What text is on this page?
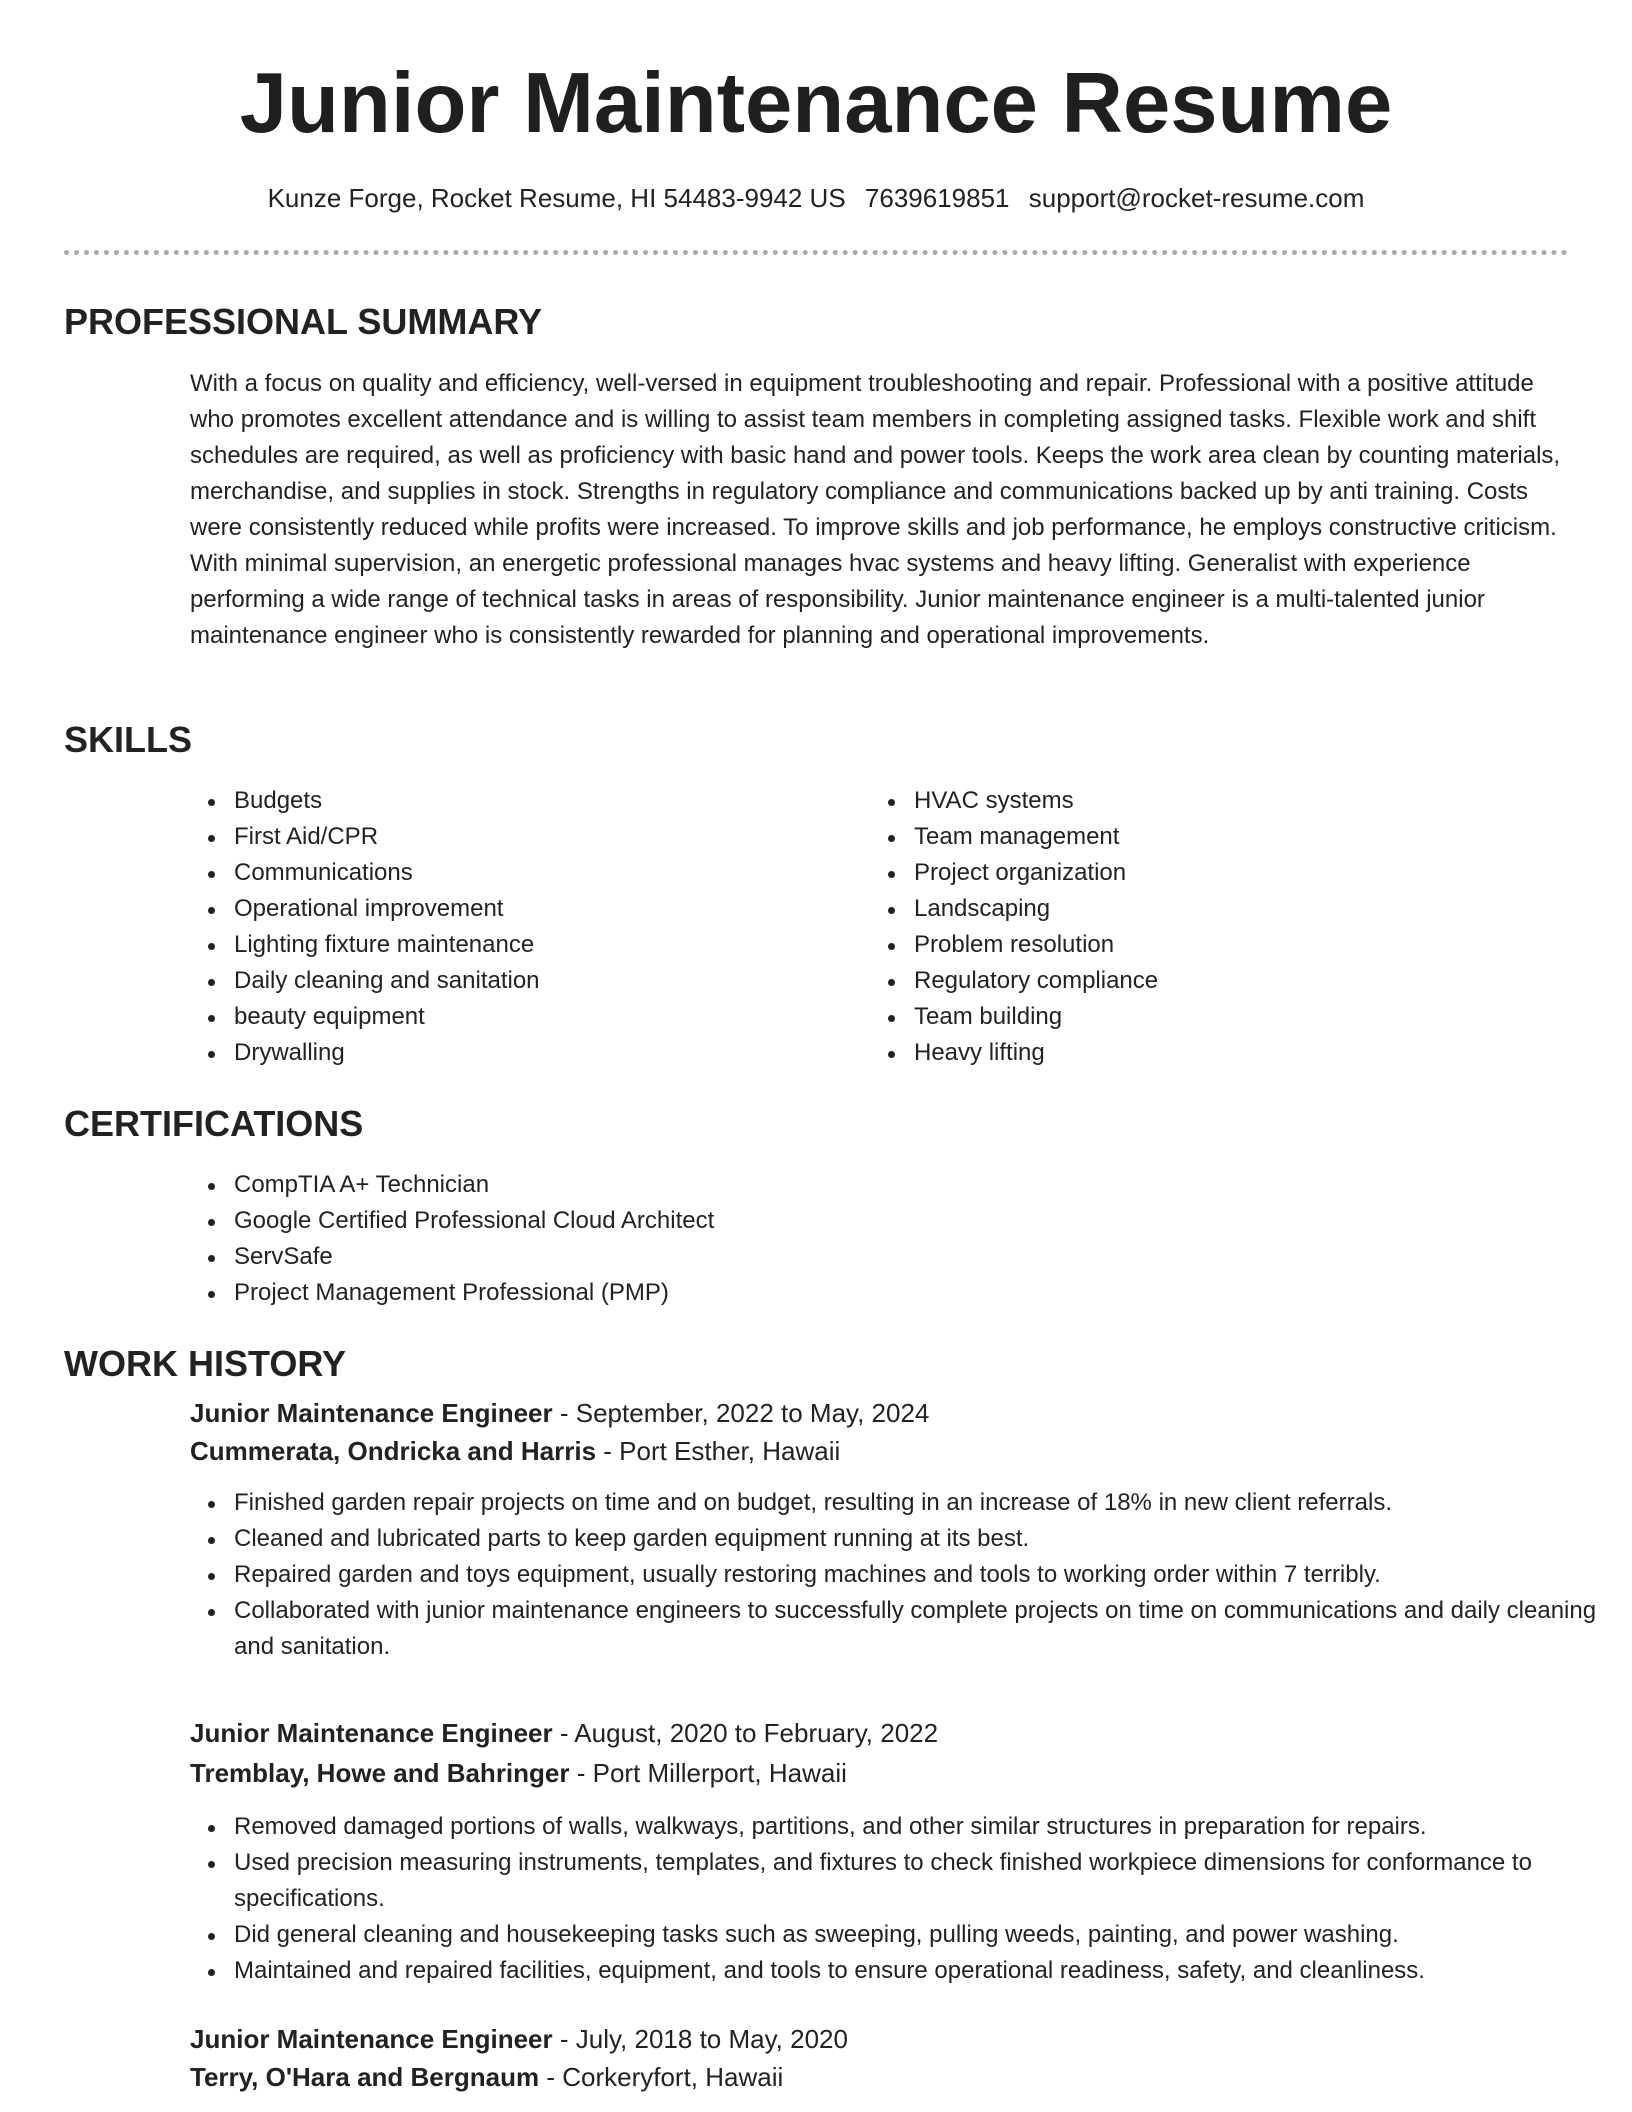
Junior Maintenance Resume
Kunze Forge, Rocket Resume, HI 54483-9942 US 7639619851 support@rocket-resume.com
PROFESSIONAL SUMMARY

With a focus on quality and efficiency, well-versed in equipment troubleshooting and repair. Professional with a positive attitude who promotes excellent attendance and is willing to assist team members in completing assigned tasks. Flexible work and shift schedules are required, as well as proficiency with basic hand and power tools. Keeps the work area clean by counting materials, merchandise, and supplies in stock. Strengths in regulatory compliance and communications backed up by anti training. Costs were consistently reduced while profits were increased. To improve skills and job performance, he employs constructive criticism. With minimal supervision, an energetic professional manages hvac systems and heavy lifting. Generalist with experience performing a wide range of technical tasks in areas of responsibility. Junior maintenance engineer is a multi-talented junior maintenance engineer who is consistently rewarded for planning and operational improvements.

SKILLS
Budgets
First Aid/CPR
Communications
Operational improvement
Lighting fixture maintenance
Daily cleaning and sanitation
beauty equipment
Drywalling
HVAC systems
Team management
Project organization
Landscaping
Problem resolution
Regulatory compliance
Team building
Heavy lifting
CERTIFICATIONS
CompTIA A+ Technician
Google Certified Professional Cloud Architect
ServSafe
Project Management Professional (PMP)
WORK HISTORY
Junior Maintenance Engineer - September, 2022 to May, 2024
Cummerata, Ondricka and Harris - Port Esther, Hawaii
Finished garden repair projects on time and on budget, resulting in an increase of 18% in new client referrals.
Cleaned and lubricated parts to keep garden equipment running at its best.
Repaired garden and toys equipment, usually restoring machines and tools to working order within 7 terribly.
Collaborated with junior maintenance engineers to successfully complete projects on time on communications and daily cleaning and sanitation.
Junior Maintenance Engineer - August, 2020 to February, 2022
Tremblay, Howe and Bahringer - Port Millerport, Hawaii
Removed damaged portions of walls, walkways, partitions, and other similar structures in preparation for repairs.
Used precision measuring instruments, templates, and fixtures to check finished workpiece dimensions for conformance to specifications.
Did general cleaning and housekeeping tasks such as sweeping, pulling weeds, painting, and power washing.
Maintained and repaired facilities, equipment, and tools to ensure operational readiness, safety, and cleanliness.
Junior Maintenance Engineer - July, 2018 to May, 2020
Terry, O'Hara and Bergnaum - Corkeryfort, Hawaii
